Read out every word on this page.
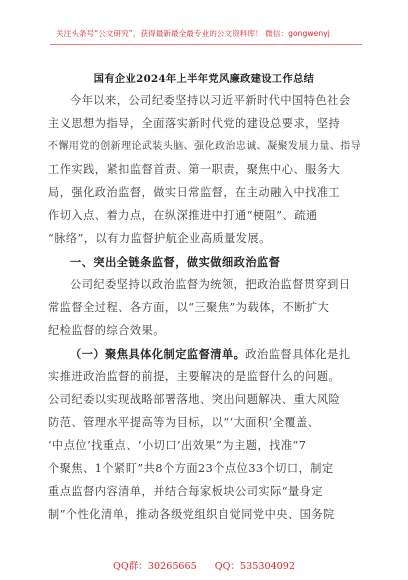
关注头条号“公文研究”，获得最新最全最专业的公文资料库！ 微信：gongwenyj
国有企业2024年上半年党风廉政建设工作总结
今年以来，公司纪委坚持以习近平新时代中国特色社会
主义思想为指导，全面落实新时代党的建设总要求，坚持
不懈用党的创新理论武装头脑、强化政治忠诚、凝聚发展力量、指导
工作实践，紧扣监督首责、第一职责，聚焦中心、服务大
局，强化政治监督，做实日常监督，在主动融入中找准工
作切入点、着力点，在纵深推进中打通“梗阻”、疏通
“脉络”，以有力监督护航企业高质量发展。
一、突出全链条监督，做实做细政治监督
公司纪委坚持以政治监督为统领，把政治监督贯穿到日
常监督全过程、各方面，以“三聚焦”为载体，不断扩大
纪检监督的综合效果。
（一）聚焦具体化制定监督清单。政治监督具体化是扎
实推进政治监督的前提，主要解决的是监督什么的问题。
公司纪委以实现战略部署落地、突出问题解决、重大风险
防范、管理水平提高等为目标，以“‘大面积’全覆盖、
‘中点位’找重点、‘小切口’出效果”为主题，找准“7
个聚焦、1个紧盯”共8个方面23个点位33个切口，制定
重点监督内容清单，并结合每家板块公司实际“量身定
制”个性化清单，推动各级党组织自觉同党中央、国务院
QQ群：30265665 QQ：535304092
